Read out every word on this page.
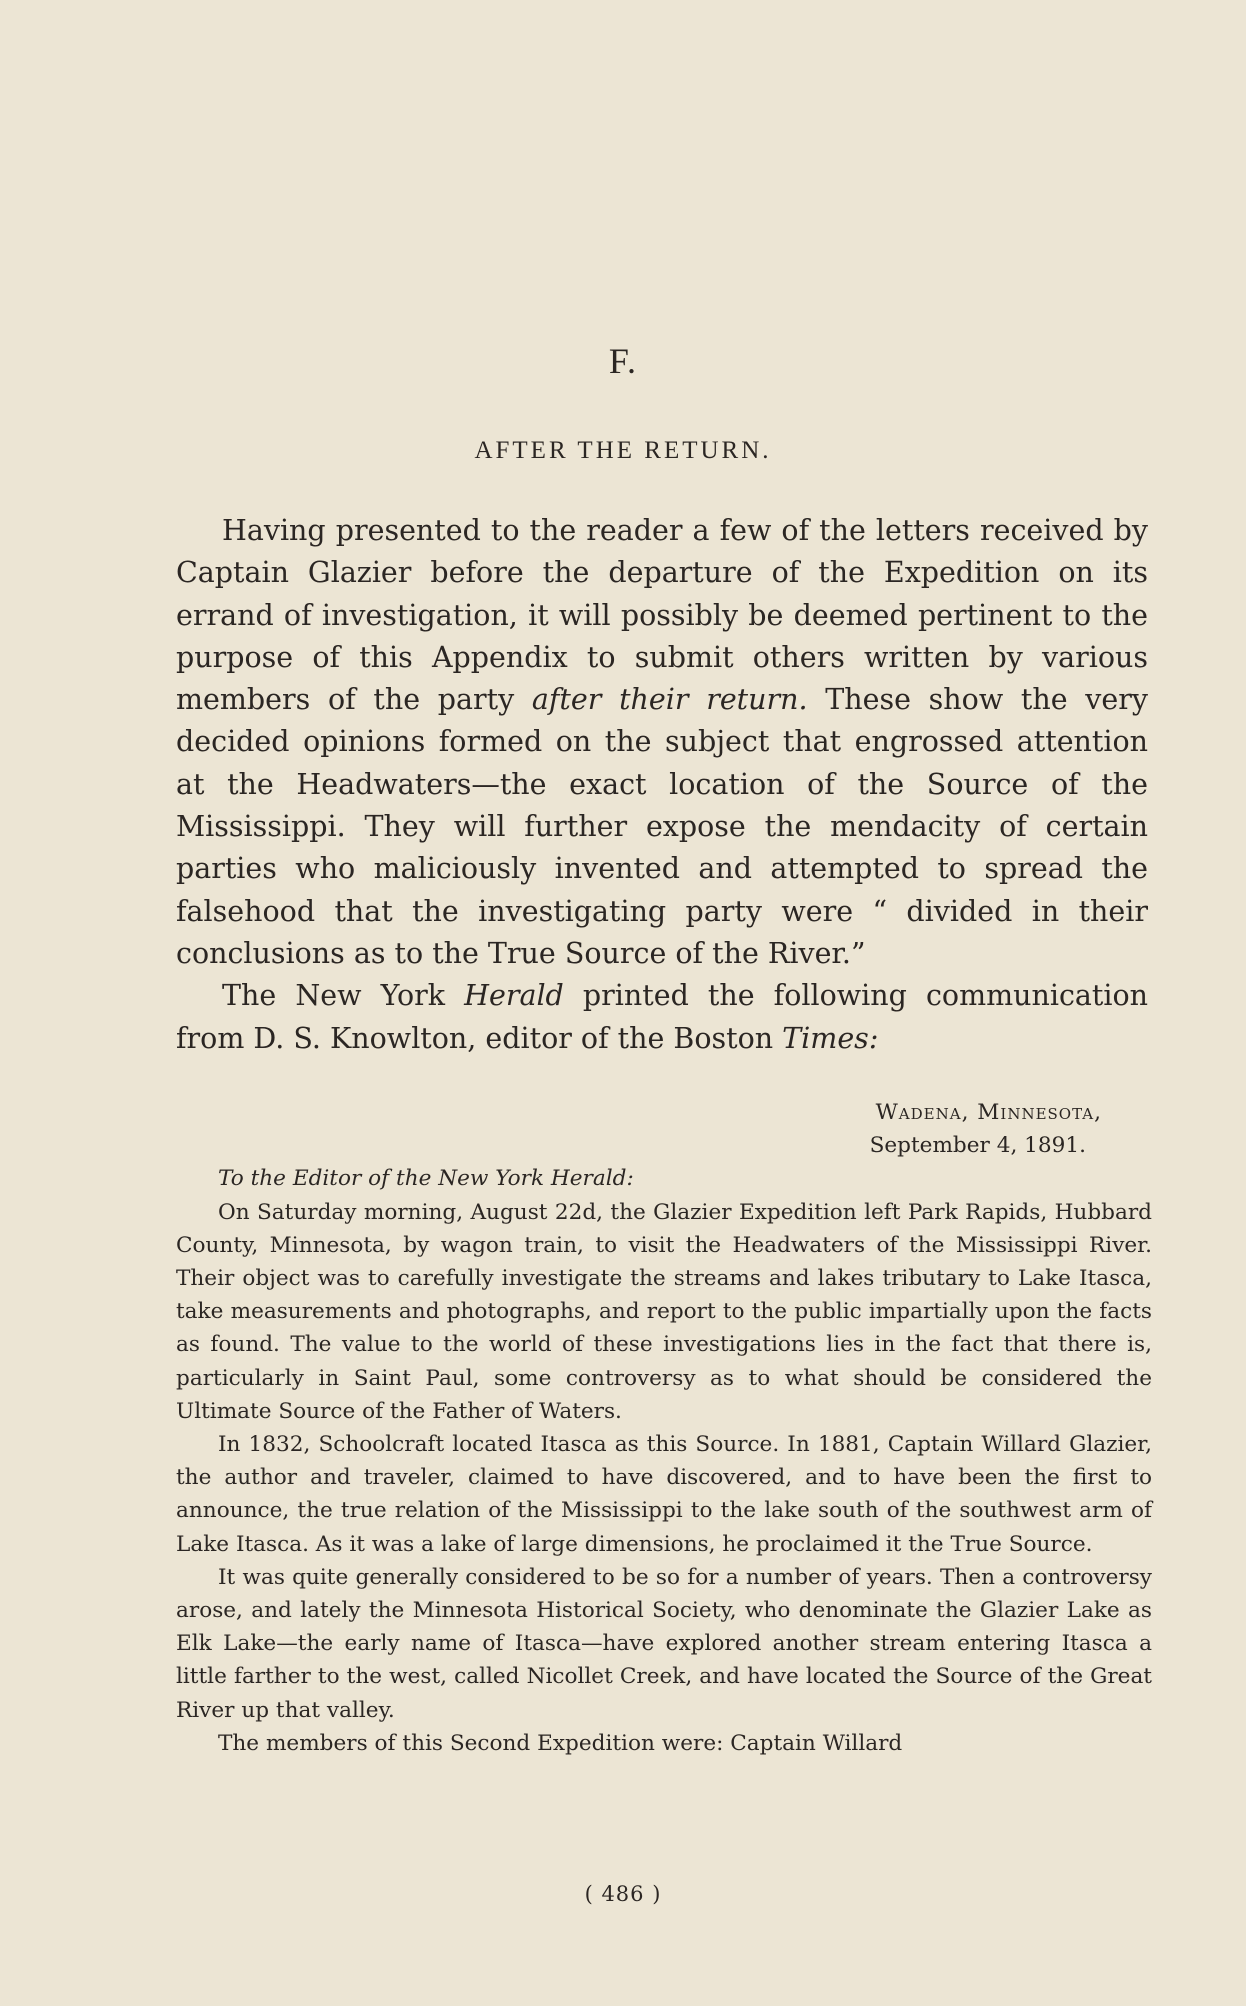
F.
AFTER THE RETURN.

Having presented to the reader a few of the letters received by Captain Glazier before the departure of the Expedition on its errand of investigation, it will possibly be deemed pertinent to the purpose of this Appendix to submit others written by various members of the party after their return. These show the very decided opinions formed on the subject that engrossed attention at the Headwaters—the exact location of the Source of the Mississippi. They will further expose the mendacity of certain parties who maliciously invented and attempted to spread the falsehood that the investigating party were “ divided in their conclusions as to the True Source of the River.”

The New York Herald printed the following communication from D. S. Knowlton, editor of the Boston Times:

Wadena, Minnesota,
September 4, 1891.

To the Editor of the New York Herald:

On Saturday morning, August 22d, the Glazier Expedition left Park Rapids, Hubbard County, Minnesota, by wagon train, to visit the Headwaters of the Mississippi River. Their object was to carefully investigate the streams and lakes tributary to Lake Itasca, take measurements and photographs, and report to the public impartially upon the facts as found. The value to the world of these investigations lies in the fact that there is, particularly in Saint Paul, some controversy as to what should be considered the Ultimate Source of the Father of Waters.

In 1832, Schoolcraft located Itasca as this Source. In 1881, Captain Willard Glazier, the author and traveler, claimed to have discovered, and to have been the first to announce, the true relation of the Mississippi to the lake south of the southwest arm of Lake Itasca. As it was a lake of large dimensions, he proclaimed it the True Source.

It was quite generally considered to be so for a number of years. Then a controversy arose, and lately the Minnesota Historical Society, who denominate the Glazier Lake as Elk Lake—the early name of Itasca—have explored another stream entering Itasca a little farther to the west, called Nicollet Creek, and have located the Source of the Great River up that valley.

The members of this Second Expedition were: Captain Willard

( 486 )
